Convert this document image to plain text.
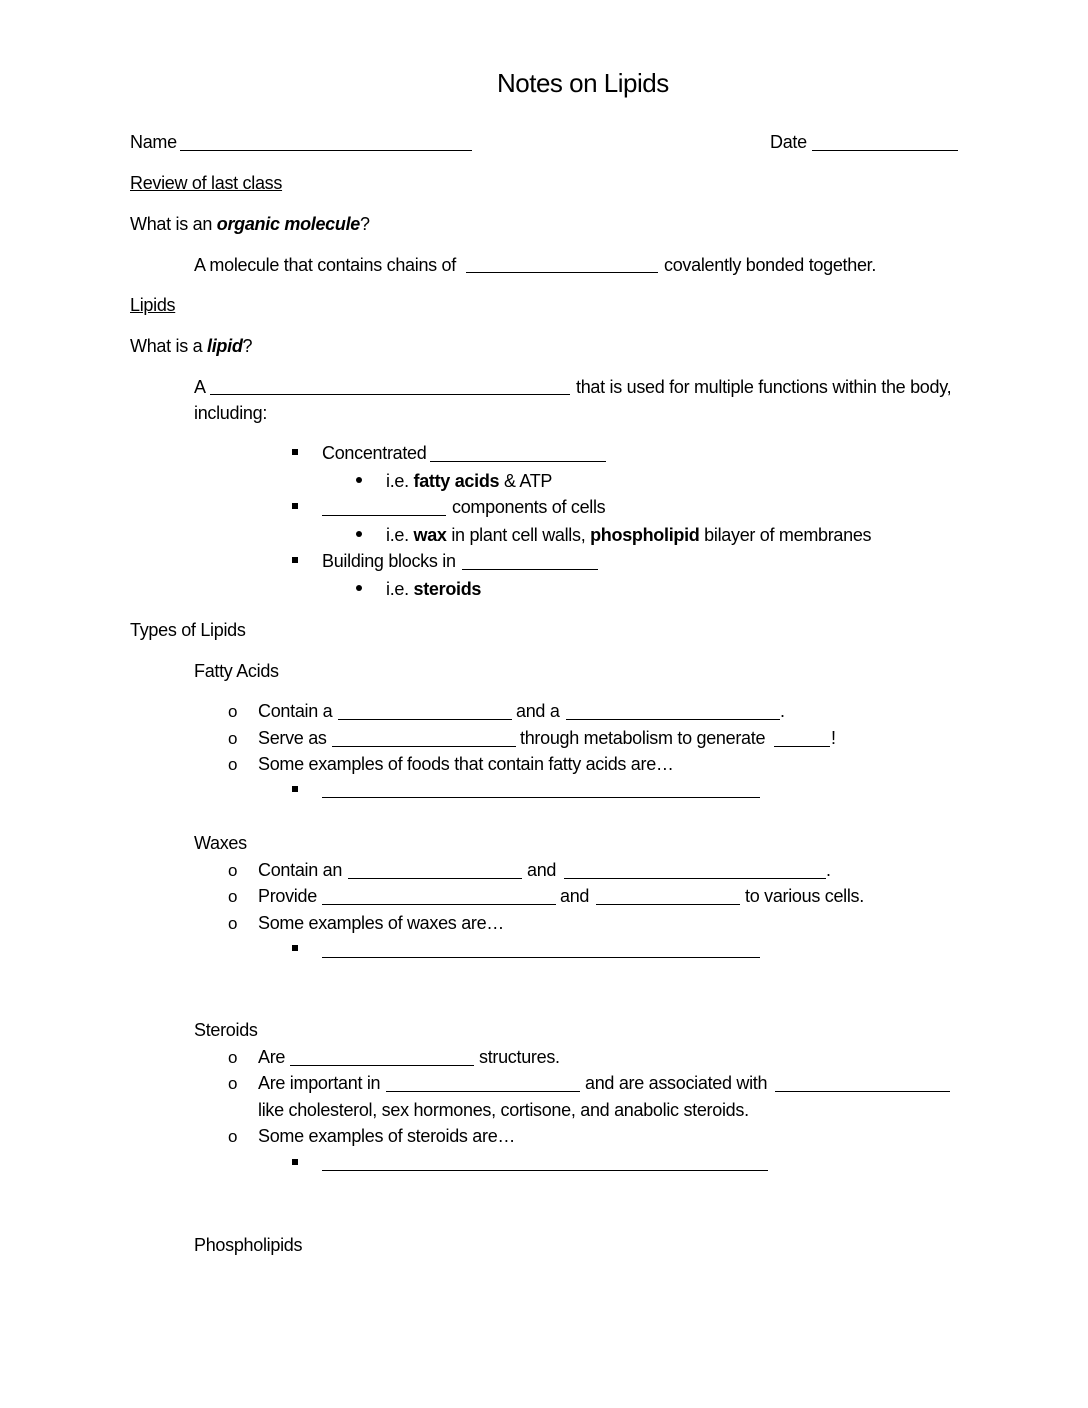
Notes on Lipids
Name	Date
Review of last class
What is an organic molecule?
A molecule that contains chains of	covalently bonded together.
Lipids
What is a lipid?
A	that is used for multiple functions within the body,
including:
Concentrated
i.e. fatty acids & ATP
components of cells
i.e. wax in plant cell walls, phospholipid bilayer of membranes
Building blocks in
i.e. steroids
Types of Lipids
Fatty Acids
o Contain a	and a	.
o Serve as	through metabolism to generate	!
o Some examples of foods that contain fatty acids are…
Waxes
o Contain an	and	.
o Provide	and	to various cells.
o Some examples of waxes are…
Steroids
o Are	structures.
o Are important in	and are associated with
like cholesterol, sex hormones, cortisone, and anabolic steroids.
o Some examples of steroids are…
Phospholipids
